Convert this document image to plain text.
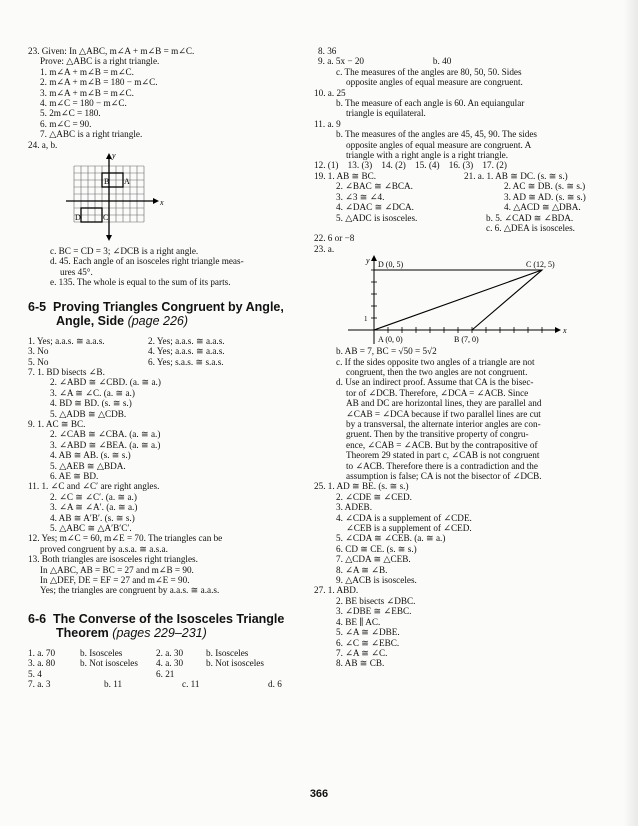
23. Given: In △ABC, m∠A + m∠B = m∠C.
Prove: △ABC is a right triangle.
1. m∠A + m∠B = m∠C.
2. m∠A + m∠B = 180 − m∠C.
3. m∠A + m∠B = m∠C.
4. m∠C = 180 − m∠C.
5. 2m∠C = 180.
6. m∠C = 90.
7. △ABC is a right triangle.
24. a, b.
y
x
B A
D	C
c. BC = CD = 3; ∠DCB is a right angle.
d. 45. Each angle of an isosceles right triangle meas-
ures 45°.
e. 135. The whole is equal to the sum of its parts.
6-5 Proving Triangles Congruent by Angle,
Angle, Side (page 226)
1. Yes; a.a.s. ≅ a.a.s.	2. Yes; a.a.s. ≅ a.a.s.
3. No	4. Yes; a.a.s. ≅ a.a.s.
5. No	6. Yes; s.a.s. ≅ s.a.s.
7. 1. BD bisects ∠B.
2. ∠ABD ≅ ∠CBD. (a. ≅ a.)
3. ∠A ≅ ∠C. (a. ≅ a.)
4. BD ≅ BD. (s. ≅ s.)
5. △ADB ≅ △CDB.
9. 1. AC ≅ BC.
2. ∠CAB ≅ ∠CBA. (a. ≅ a.)
3. ∠ABD ≅ ∠BEA. (a. ≅ a.)
4. AB ≅ AB. (s. ≅ s.)
5. △AEB ≅ △BDA.
6. AE ≅ BD.
11. 1. ∠C and ∠C′ are right angles.
2. ∠C ≅ ∠C′. (a. ≅ a.)
3. ∠A ≅ ∠A′. (a. ≅ a.)
4. AB ≅ A′B′. (s. ≅ s.)
5. △ABC ≅ △A′B′C′.
12. Yes; m∠C = 60, m∠E = 70. The triangles can be
proved congruent by a.s.a. ≅ a.s.a.
13. Both triangles are isosceles right triangles.
In △ABC, AB = BC = 27 and m∠B = 90.
In △DEF, DE = EF = 27 and m∠E = 90.
Yes; the triangles are congruent by a.a.s. ≅ a.a.s.
6-6 The Converse of the Isosceles Triangle
Theorem (pages 229–231)
1. a. 70	b. Isosceles	2. a. 30	b. Isosceles
3. a. 80	b. Not isosceles	4. a. 30	b. Not isosceles
5. 4	6. 21
7. a. 3	b. 11	c. 11	d. 6
8. 36
9. a. 5x − 20                              b. 40
c. The measures of the angles are 80, 50, 50. Sides
opposite angles of equal measure are congruent.
10. a. 25
b. The measure of each angle is 60. An equiangular
triangle is equilateral.
11. a. 9
b. The measures of the angles are 45, 45, 90. The sides
opposite angles of equal measure are congruent. A
triangle with a right angle is a right triangle.
12. (1)    13. (3)    14. (2)    15. (4)    16. (3)    17. (2)
19. 1. AB ≅ BC.
2. ∠BAC ≅ ∠BCA.
3. ∠3 ≅ ∠4.
4. ∠DAC ≅ ∠DCA.
5. △ADC is isosceles.
21. a. 1. AB ≅ DC. (s. ≅ s.)
2. AC ≅ DB. (s. ≅ s.)
3. AD ≅ AD. (s. ≅ s.)
4. △ACD ≅ △DBA.
b. 5. ∠CAD ≅ ∠BDA.
c. 6. △DEA is isosceles.
22. 6 or −8
23. a.
y
x
1
D (0, 5)	C (12, 5)
A (0, 0)	B (7, 0)
b. AB = 7, BC = √50 = 5√2
c. If the sides opposite two angles of a triangle are not
congruent, then the two angles are not congruent.
d. Use an indirect proof. Assume that CA is the bisec-
tor of ∠DCB. Therefore, ∠DCA = ∠ACB. Since
AB and DC are horizontal lines, they are parallel and
∠CAB = ∠DCA because if two parallel lines are cut
by a transversal, the alternate interior angles are con-
gruent. Then by the transitive property of congru-
ence, ∠CAB = ∠ACB. But by the contrapositive of
Theorem 29 stated in part c, ∠CAB is not congruent
to ∠ACB. Therefore there is a contradiction and the
assumption is false; CA is not the bisector of ∠DCB.
25. 1. AD ≅ BE. (s. ≅ s.)
2. ∠CDE ≅ ∠CED.
3. ADEB.
4. ∠CDA is a supplement of ∠CDE.
∠CEB is a supplement of ∠CED.
5. ∠CDA ≅ ∠CEB. (a. ≅ a.)
6. CD ≅ CE. (s. ≅ s.)
7. △CDA ≅ △CEB.
8. ∠A ≅ ∠B.
9. △ACB is isosceles.
27. 1. ABD.
2. BE bisects ∠DBC.
3. ∠DBE ≅ ∠EBC.
4. BE ∥ AC.
5. ∠A ≅ ∠DBE.
6. ∠C ≅ ∠EBC.
7. ∠A ≅ ∠C.
8. AB ≅ CB.
366
